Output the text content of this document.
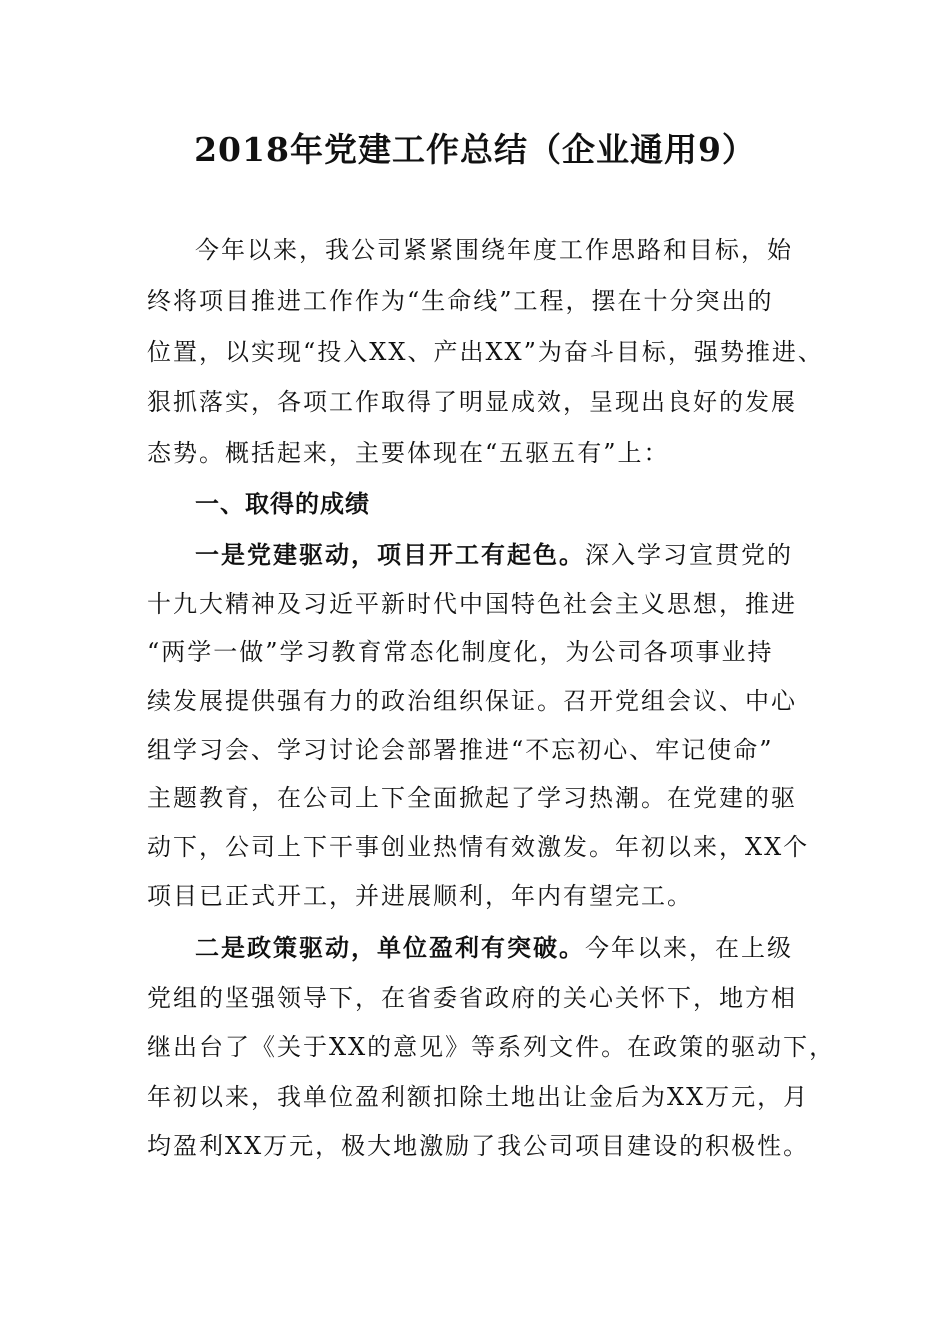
2018年党建工作总结（企业通用9）
今年以来，我公司紧紧围绕年度工作思路和目标，始
终将项目推进工作作为“生命线”工程，摆在十分突出的
位置，以实现“投入XX、产出XX”为奋斗目标，强势推进、
狠抓落实，各项工作取得了明显成效，呈现出良好的发展
态势。概括起来，主要体现在“五驱五有”上：
一、取得的成绩
一是党建驱动，项目开工有起色。深入学习宣贯党的
十九大精神及习近平新时代中国特色社会主义思想，推进
“两学一做”学习教育常态化制度化，为公司各项事业持
续发展提供强有力的政治组织保证。召开党组会议、中心
组学习会、学习讨论会部署推进“不忘初心、牢记使命”
主题教育，在公司上下全面掀起了学习热潮。在党建的驱
动下，公司上下干事创业热情有效激发。年初以来，XX个
项目已正式开工，并进展顺利，年内有望完工。
二是政策驱动，单位盈利有突破。今年以来，在上级
党组的坚强领导下，在省委省政府的关心关怀下，地方相
继出台了《关于XX的意见》等系列文件。在政策的驱动下，
年初以来，我单位盈利额扣除土地出让金后为XX万元，月
均盈利XX万元，极大地激励了我公司项目建设的积极性。
